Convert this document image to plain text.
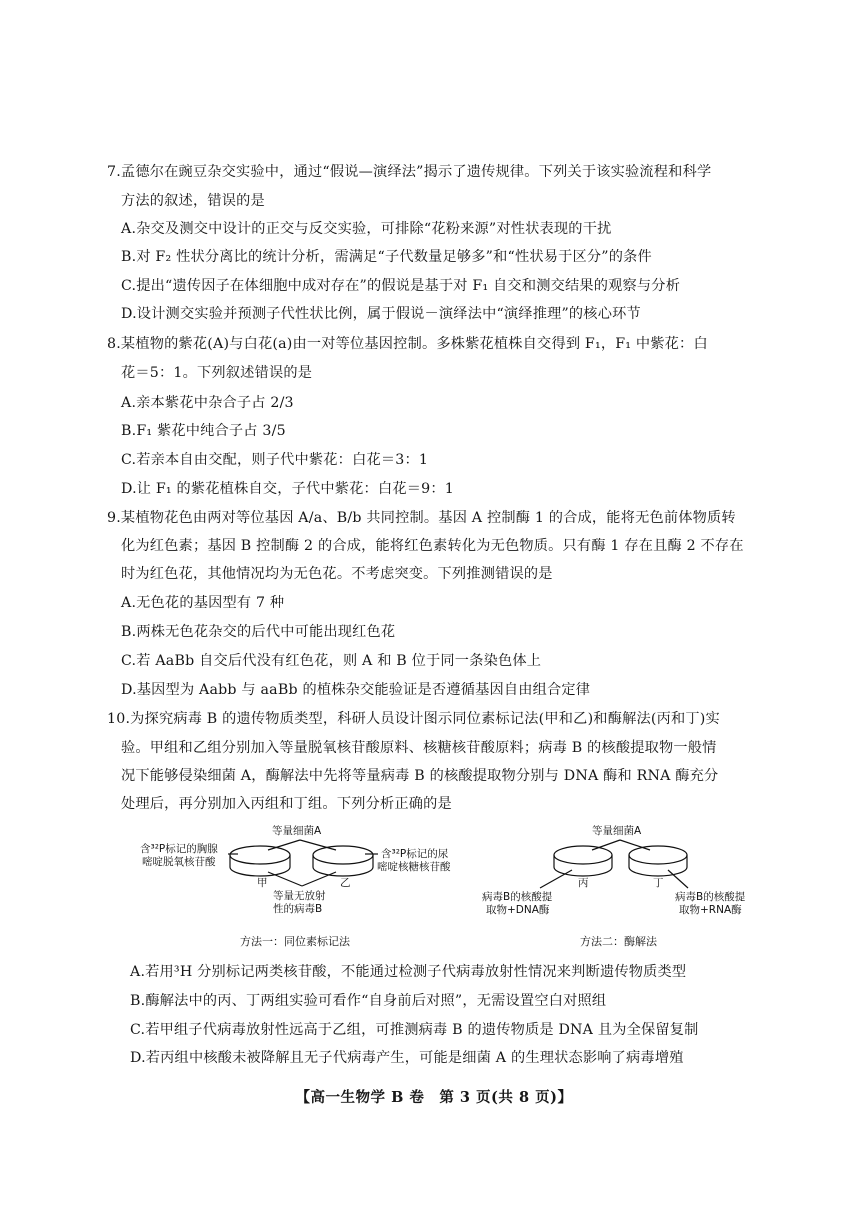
7.孟德尔在豌豆杂交实验中，通过“假说—演绎法”揭示了遗传规律。下列关于该实验流程和科学
方法的叙述，错误的是
A.杂交及测交中设计的正交与反交实验，可排除“花粉来源”对性状表现的干扰
B.对 F₂ 性状分离比的统计分析，需满足“子代数量足够多”和“性状易于区分”的条件
C.提出“遗传因子在体细胞中成对存在”的假说是基于对 F₁ 自交和测交结果的观察与分析
D.设计测交实验并预测子代性状比例，属于假说－演绎法中“演绎推理”的核心环节
8.某植物的紫花(A)与白花(a)由一对等位基因控制。多株紫花植株自交得到 F₁，F₁ 中紫花：白
花＝5：1。下列叙述错误的是
A.亲本紫花中杂合子占 2/3
B.F₁ 紫花中纯合子占 3/5
C.若亲本自由交配，则子代中紫花：白花＝3：1
D.让 F₁ 的紫花植株自交，子代中紫花：白花＝9：1
9.某植物花色由两对等位基因 A/a、B/b 共同控制。基因 A 控制酶 1 的合成，能将无色前体物质转
化为红色素；基因 B 控制酶 2 的合成，能将红色素转化为无色物质。只有酶 1 存在且酶 2 不存在
时为红色花，其他情况均为无色花。不考虑突变。下列推测错误的是
A.无色花的基因型有 7 种
B.两株无色花杂交的后代中可能出现红色花
C.若 AaBb 自交后代没有红色花，则 A 和 B 位于同一条染色体上
D.基因型为 Aabb 与 aaBb 的植株杂交能验证是否遵循基因自由组合定律
10.为探究病毒 B 的遗传物质类型，科研人员设计图示同位素标记法(甲和乙)和酶解法(丙和丁)实
验。甲组和乙组分别加入等量脱氧核苷酸原料、核糖核苷酸原料；病毒 B 的核酸提取物一般情
况下能够侵染细菌 A，酶解法中先将等量病毒 B 的核酸提取物分别与 DNA 酶和 RNA 酶充分
处理后，再分别加入丙组和丁组。下列分析正确的是
等量细菌A
含³²P标记的胸腺
嘧啶脱氧核苷酸
含³²P标记的尿
嘧啶核糖核苷酸
甲	乙
等量无放射
性的病毒B
方法一：同位素标记法
等量细菌A
丙	丁
病毒B的核酸提
取物+DNA酶
病毒B的核酸提
取物+RNA酶
方法二：酶解法
A.若用³H 分别标记两类核苷酸，不能通过检测子代病毒放射性情况来判断遗传物质类型
B.酶解法中的丙、丁两组实验可看作“自身前后对照”，无需设置空白对照组
C.若甲组子代病毒放射性远高于乙组，可推测病毒 B 的遗传物质是 DNA 且为全保留复制
D.若丙组中核酸未被降解且无子代病毒产生，可能是细菌 A 的生理状态影响了病毒增殖
【高一生物学 B 卷　第 3 页(共 8 页)】
